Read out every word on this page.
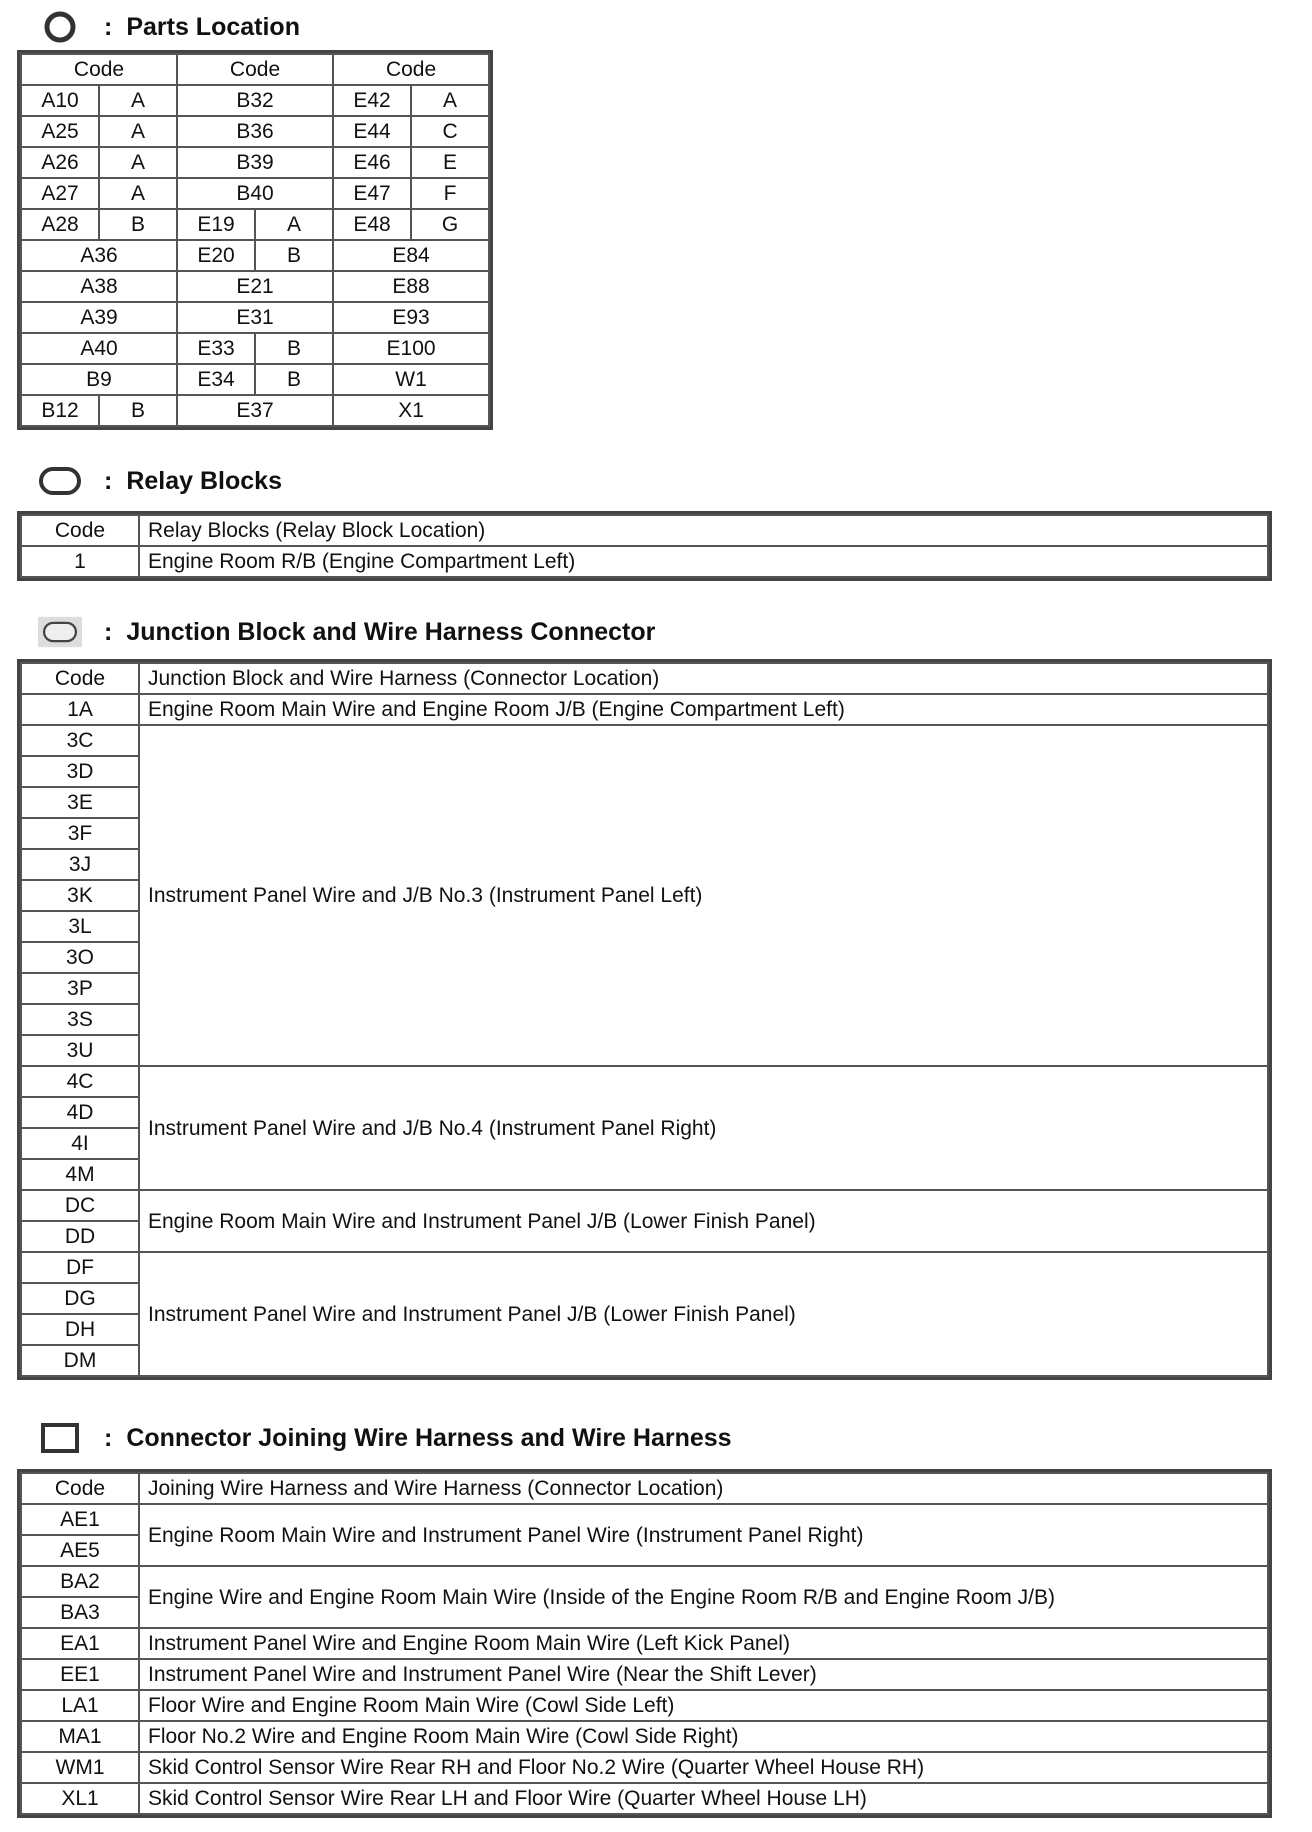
: Parts Location
Code		Code		Code	
A10	A	B32		E42	A
A25	A	B36		E44	C
A26	A	B39		E46	E
A27	A	B40		E47	F
A28	B	E19	A	E48	G
A36		E20	B	E84	
A38		E21		E88	
A39		E31		E93	
A40		E33	B	E100	
B9		E34	B	W1	
B12	B	E37		X1	
: Relay Blocks
Code	Relay Blocks (Relay Block Location)
1	Engine Room R/B (Engine Compartment Left)
: Junction Block and Wire Harness Connector
Code	Junction Block and Wire Harness (Connector Location)
1A	Engine Room Main Wire and Engine Room J/B (Engine Compartment Left)
3C	Instrument Panel Wire and J/B No.3 (Instrument Panel Left)
3D	
3E	
3F	
3J	
3K	
3L	
3O	
3P	
3S	
3U	
4C	Instrument Panel Wire and J/B No.4 (Instrument Panel Right)
4D	
4I	
4M	
DC	Engine Room Main Wire and Instrument Panel J/B (Lower Finish Panel)
DD	
DF	Instrument Panel Wire and Instrument Panel J/B (Lower Finish Panel)
DG	
DH	
DM	
: Connector Joining Wire Harness and Wire Harness
Code	Joining Wire Harness and Wire Harness (Connector Location)
AE1	Engine Room Main Wire and Instrument Panel Wire (Instrument Panel Right)
AE5	
BA2	Engine Wire and Engine Room Main Wire (Inside of the Engine Room R/B and Engine Room J/B)
BA3	
EA1	Instrument Panel Wire and Engine Room Main Wire (Left Kick Panel)
EE1	Instrument Panel Wire and Instrument Panel Wire (Near the Shift Lever)
LA1	Floor Wire and Engine Room Main Wire (Cowl Side Left)
MA1	Floor No.2 Wire and Engine Room Main Wire (Cowl Side Right)
WM1	Skid Control Sensor Wire Rear RH and Floor No.2 Wire (Quarter Wheel House RH)
XL1	Skid Control Sensor Wire Rear LH and Floor Wire (Quarter Wheel House LH)
